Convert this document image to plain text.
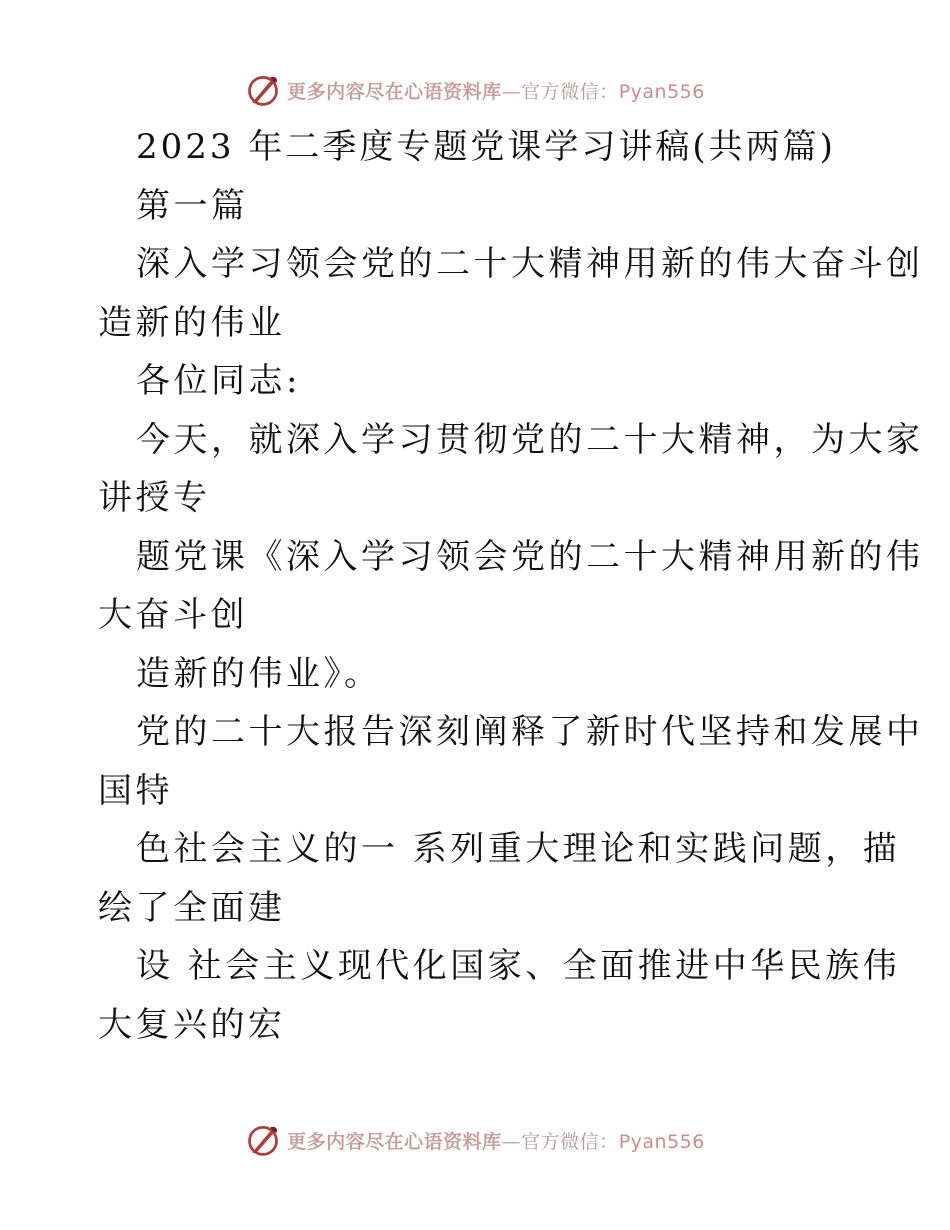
更多内容尽在心语资料库—官方微信：Pyan556
2023 年二季度专题党课学习讲稿(共两篇)
第一篇
深入学习领会党的二十大精神用新的伟大奋斗创
造新的伟业
各位同志:
今天，就深入学习贯彻党的二十大精神，为大家
讲授专
题党课《深入学习领会党的二十大精神用新的伟
大奋斗创
造新的伟业》。
党的二十大报告深刻阐释了新时代坚持和发展中
国特
色社会主义的一 系列重大理论和实践问题，描
绘了全面建
设 社会主义现代化国家、全面推进中华民族伟
大复兴的宏
更多内容尽在心语资料库—官方微信：Pyan556
